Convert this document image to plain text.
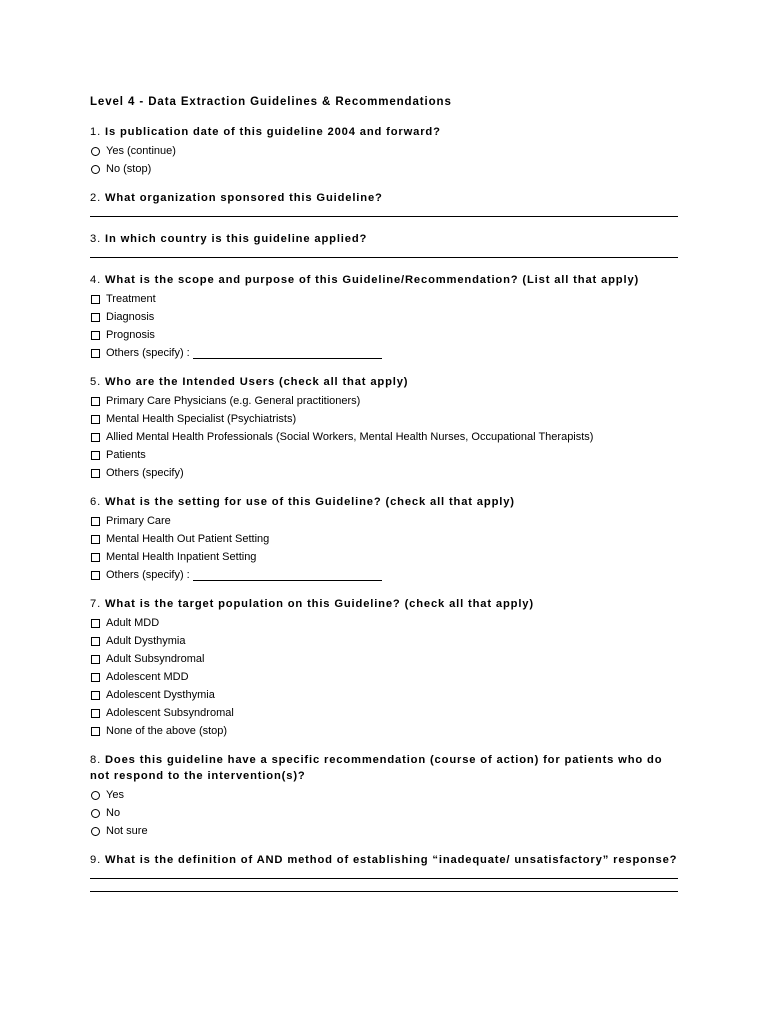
Level 4 - Data Extraction Guidelines & Recommendations
1. Is publication date of this guideline 2004 and forward?
Yes (continue)
No (stop)
2. What organization sponsored this Guideline?
3. In which country is this guideline applied?
4. What is the scope and purpose of this Guideline/Recommendation? (List all that apply)
Treatment
Diagnosis
Prognosis
Others (specify) :
5. Who are the Intended Users (check all that apply)
Primary Care Physicians (e.g. General practitioners)
Mental Health Specialist (Psychiatrists)
Allied Mental Health Professionals (Social Workers, Mental Health Nurses, Occupational Therapists)
Patients
Others (specify)
6. What is the setting for use of this Guideline? (check all that apply)
Primary Care
Mental Health Out Patient Setting
Mental Health Inpatient Setting
Others (specify) :
7. What is the target population on this Guideline? (check all that apply)
Adult MDD
Adult Dysthymia
Adult Subsyndromal
Adolescent MDD
Adolescent Dysthymia
Adolescent Subsyndromal
None of the above (stop)
8. Does this guideline have a specific recommendation (course of action) for patients who do not respond to the intervention(s)?
Yes
No
Not sure
9. What is the definition of AND method of establishing “inadequate/ unsatisfactory” response?
